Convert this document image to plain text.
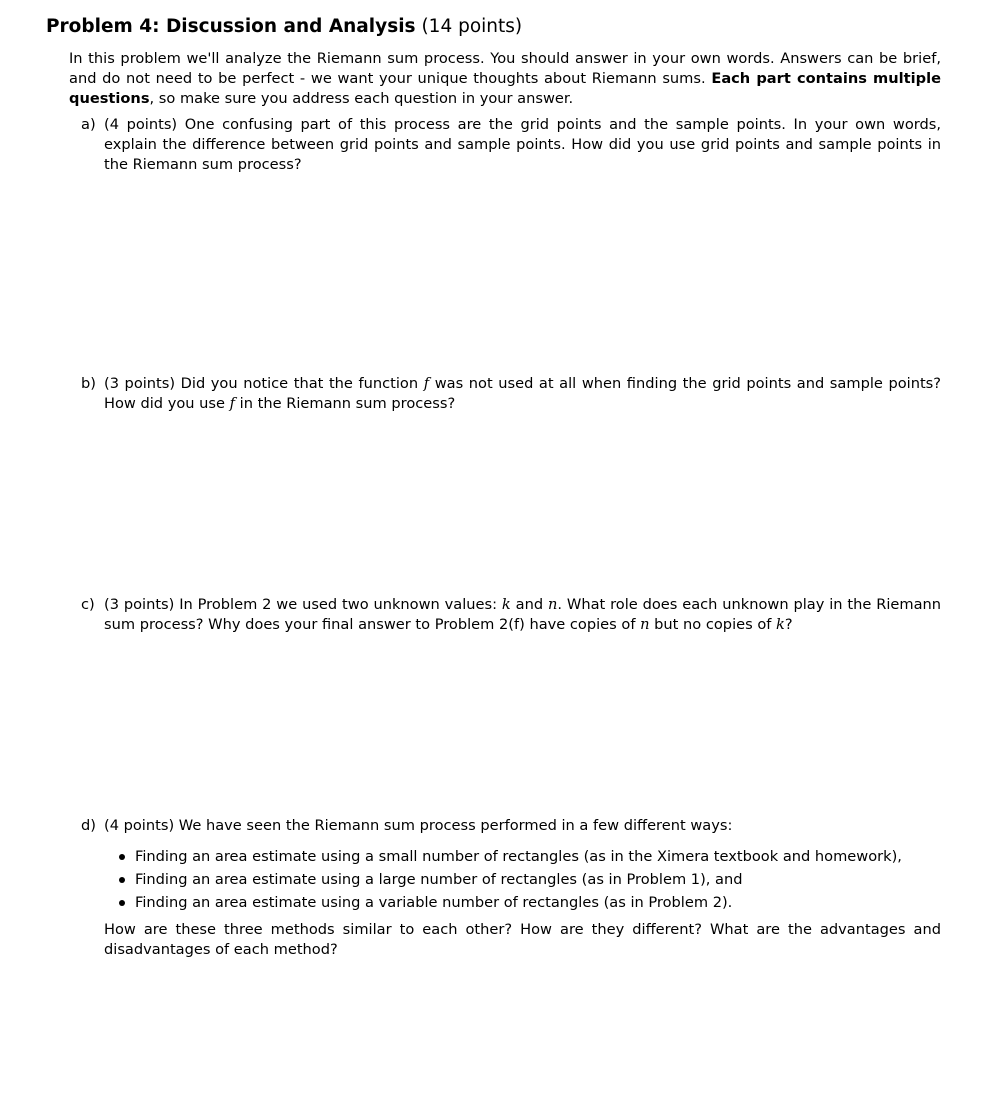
Problem 4: Discussion and Analysis (14 points)
In this problem we'll analyze the Riemann sum process. You should answer in your own words. Answers can be brief, and do not need to be perfect - we want your unique thoughts about Riemann sums. Each part contains multiple questions, so make sure you address each question in your answer.
a) (4 points) One confusing part of this process are the grid points and the sample points. In your own words, explain the difference between grid points and sample points. How did you use grid points and sample points in the Riemann sum process?
b) (3 points) Did you notice that the function f was not used at all when finding the grid points and sample points? How did you use f in the Riemann sum process?
c) (3 points) In Problem 2 we used two unknown values: k and n. What role does each unknown play in the Riemann sum process? Why does your final answer to Problem 2(f) have copies of n but no copies of k?
d) (4 points) We have seen the Riemann sum process performed in a few different ways:
Finding an area estimate using a small number of rectangles (as in the Ximera textbook and homework),
Finding an area estimate using a large number of rectangles (as in Problem 1), and
Finding an area estimate using a variable number of rectangles (as in Problem 2).
How are these three methods similar to each other? How are they different? What are the advantages and disadvantages of each method?
